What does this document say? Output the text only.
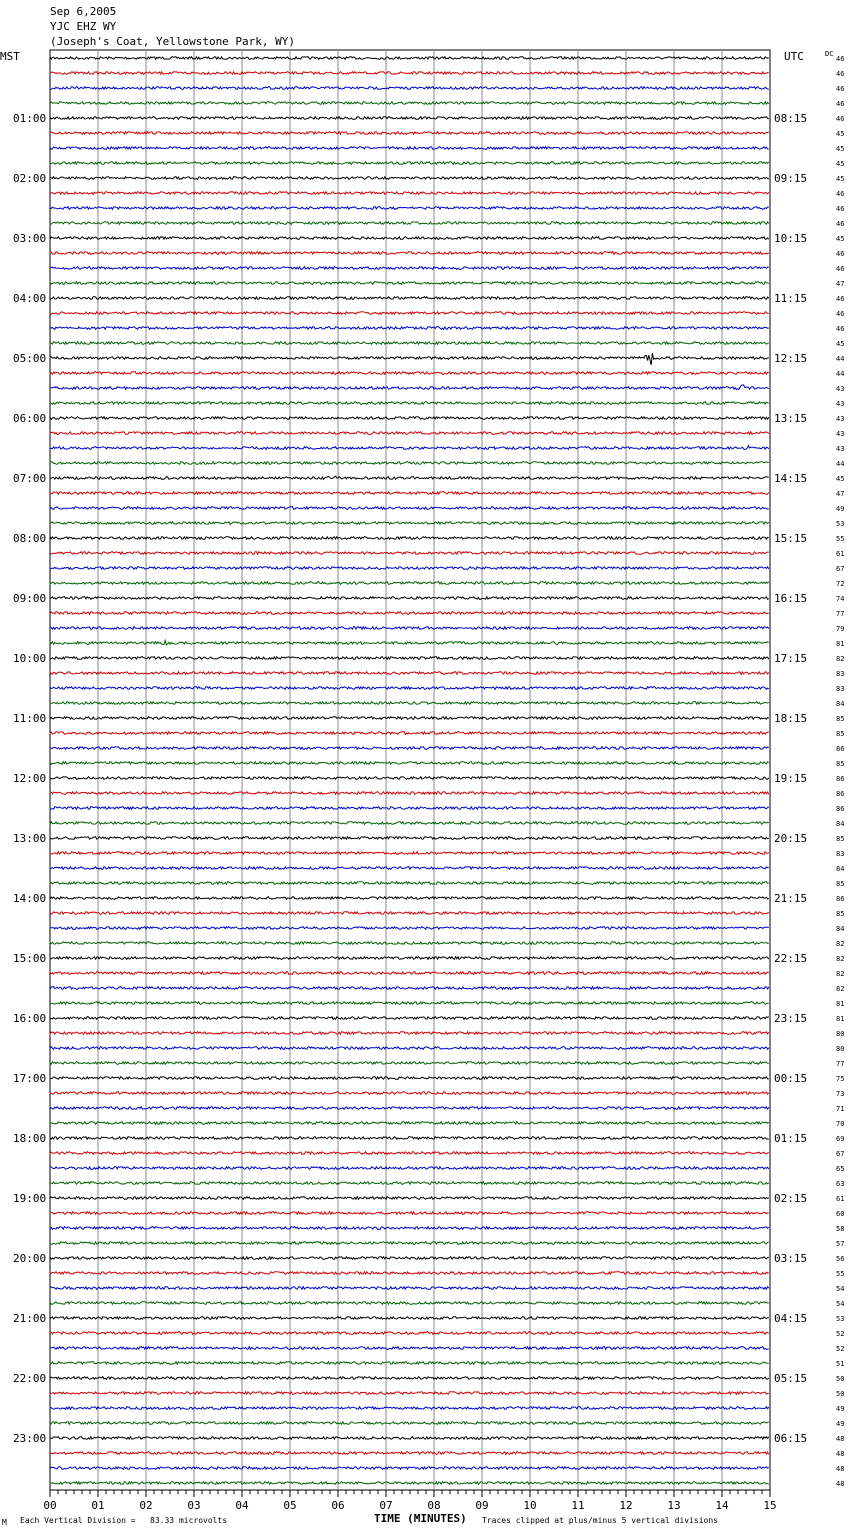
Sep 6,2005
YJC EHZ WY
(Joseph's Coat, Yellowstone Park, WY)
46
46
46
46
46
45
45
45
45
46
46
46
45
46
46
47
46
46
46
45
44
44
43
43
43
43
43
44
45
47
49
53
55
61
67
72
74
77
79
81
82
83
83
84
85
85
86
85
86
86
86
84
85
83
84
85
86
85
84
82
82
82
82
81
81
80
80
77
75
73
71
70
69
67
65
63
61
60
58
57
56
55
54
54
53
52
52
51
50
50
49
49
48
48
48
48
MST	UTC	DC
01:00	08:15
02:00	09:15
03:00	10:15
04:00	11:15
05:00	12:15
06:00	13:15
07:00	14:15
08:00	15:15
09:00	16:15
10:00	17:15
11:00	18:15
12:00	19:15
13:00	20:15
14:00	21:15
15:00	22:15
16:00	23:15
17:00	00:15
18:00	01:15
19:00	02:15
20:00	03:15
21:00	04:15
22:00	05:15
23:00	06:15
00	01	02	03	04	05	06	07	08	09	10	11	12	13	14	15
M Each Vertical Division =   83.33 microvolts	TIME (MINUTES) Traces clipped at plus/minus 5 vertical divisions
